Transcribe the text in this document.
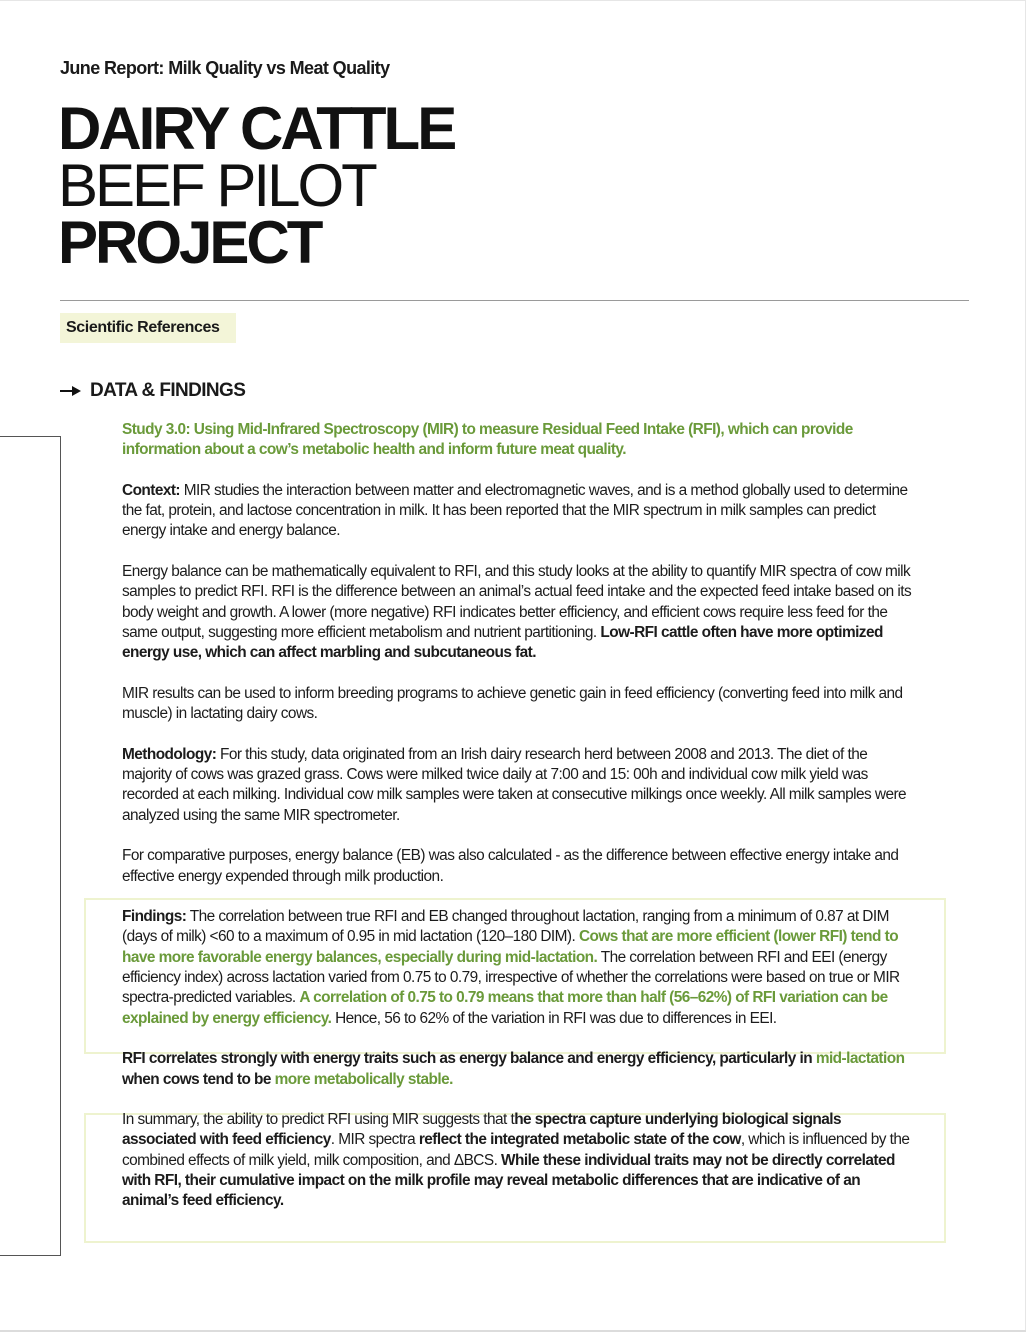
June Report: Milk Quality vs Meat Quality
DAIRY CATTLE
BEEF PILOT
PROJECT
Scientific References
DATA & FINDINGS

Study 3.0: Using Mid-Infrared Spectroscopy (MIR) to measure Residual Feed Intake (RFI), which can provide information about a cow’s metabolic health and inform future meat quality.

Context: MIR studies the interaction between matter and electromagnetic waves, and is a method globally used to determine the fat, protein, and lactose concentration in milk. It has been reported that the MIR spectrum in milk samples can predict energy intake and energy balance.

Energy balance can be mathematically equivalent to RFI, and this study looks at the ability to quantify MIR spectra of cow milk samples to predict RFI. RFI is the difference between an animal’s actual feed intake and the expected feed intake based on its body weight and growth. A lower (more negative) RFI indicates better efficiency, and efficient cows require less feed for the same output, suggesting more efficient metabolism and nutrient partitioning. Low-RFI cattle often have more optimized energy use, which can affect marbling and subcutaneous fat.

MIR results can be used to inform breeding programs to achieve genetic gain in feed efficiency (converting feed into milk and muscle) in lactating dairy cows.

Methodology: For this study, data originated from an Irish dairy research herd between 2008 and 2013. The diet of the majority of cows was grazed grass. Cows were milked twice daily at 7:00 and 15: 00h and individual cow milk yield was recorded at each milking. Individual cow milk samples were taken at consecutive milkings once weekly. All milk samples were analyzed using the same MIR spectrometer.

For comparative purposes, energy balance (EB) was also calculated - as the difference between effective energy intake and effective energy expended through milk production.

Findings: The correlation between true RFI and EB changed throughout lactation, ranging from a minimum of 0.87 at DIM (days of milk) <60 to a maximum of 0.95 in mid lactation (120–180 DIM). Cows that are more efficient (lower RFI) tend to have more favorable energy balances, especially during mid-lactation. The correlation between RFI and EEI (energy efficiency index) across lactation varied from 0.75 to 0.79, irrespective of whether the correlations were based on true or MIR spectra-predicted variables. A correlation of 0.75 to 0.79 means that more than half (56–62%) of RFI variation can be explained by energy efficiency. Hence, 56 to 62% of the variation in RFI was due to differences in EEI.

RFI correlates strongly with energy traits such as energy balance and energy efficiency, particularly in mid-lactation when cows tend to be more metabolically stable.

In summary, the ability to predict RFI using MIR suggests that the spectra capture underlying biological signals associated with feed efficiency. MIR spectra reflect the integrated metabolic state of the cow, which is influenced by the combined effects of milk yield, milk composition, and ΔBCS. While these individual traits may not be directly correlated with RFI, their cumulative impact on the milk profile may reveal metabolic differences that are indicative of an animal’s feed efficiency.
